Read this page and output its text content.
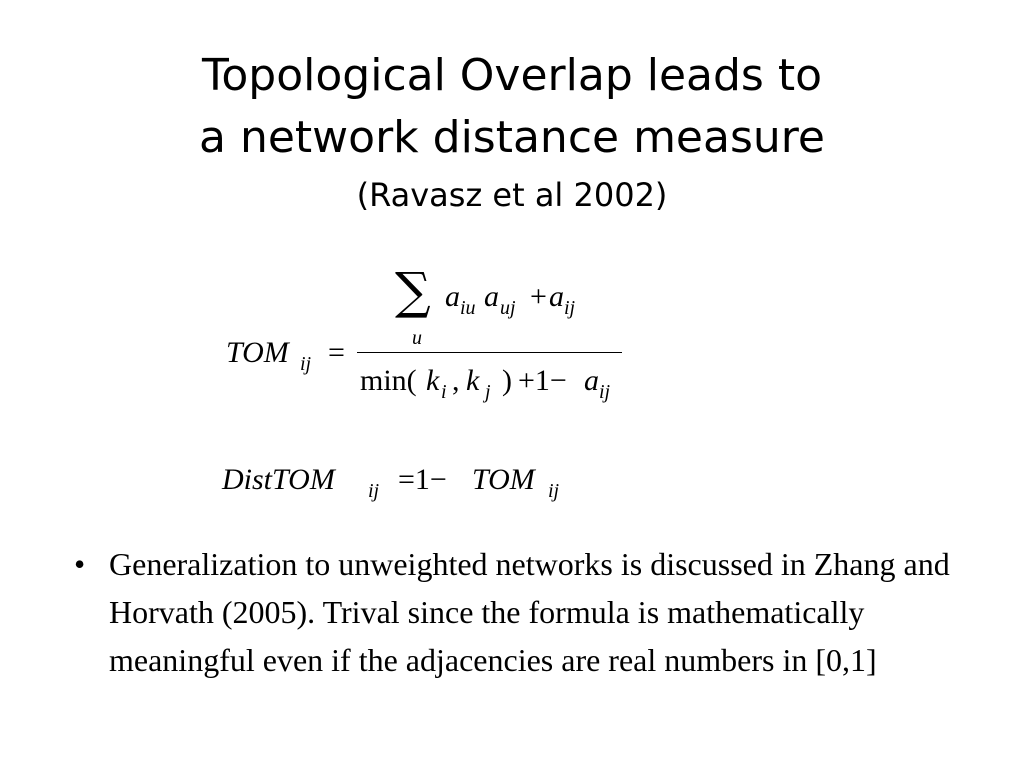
Topological Overlap leads to
a network distance measure
(Ravasz et al 2002)
TOM ij =
∑
u
a iu a uj + a ij
min( k i , k j ) +1− a ij
DistTOM ij =1− TOM ij
• Generalization to unweighted networks is discussed in Zhang and Horvath (2005). Trival since the formula is mathematically meaningful even if the adjacencies are real numbers in [0,1]
